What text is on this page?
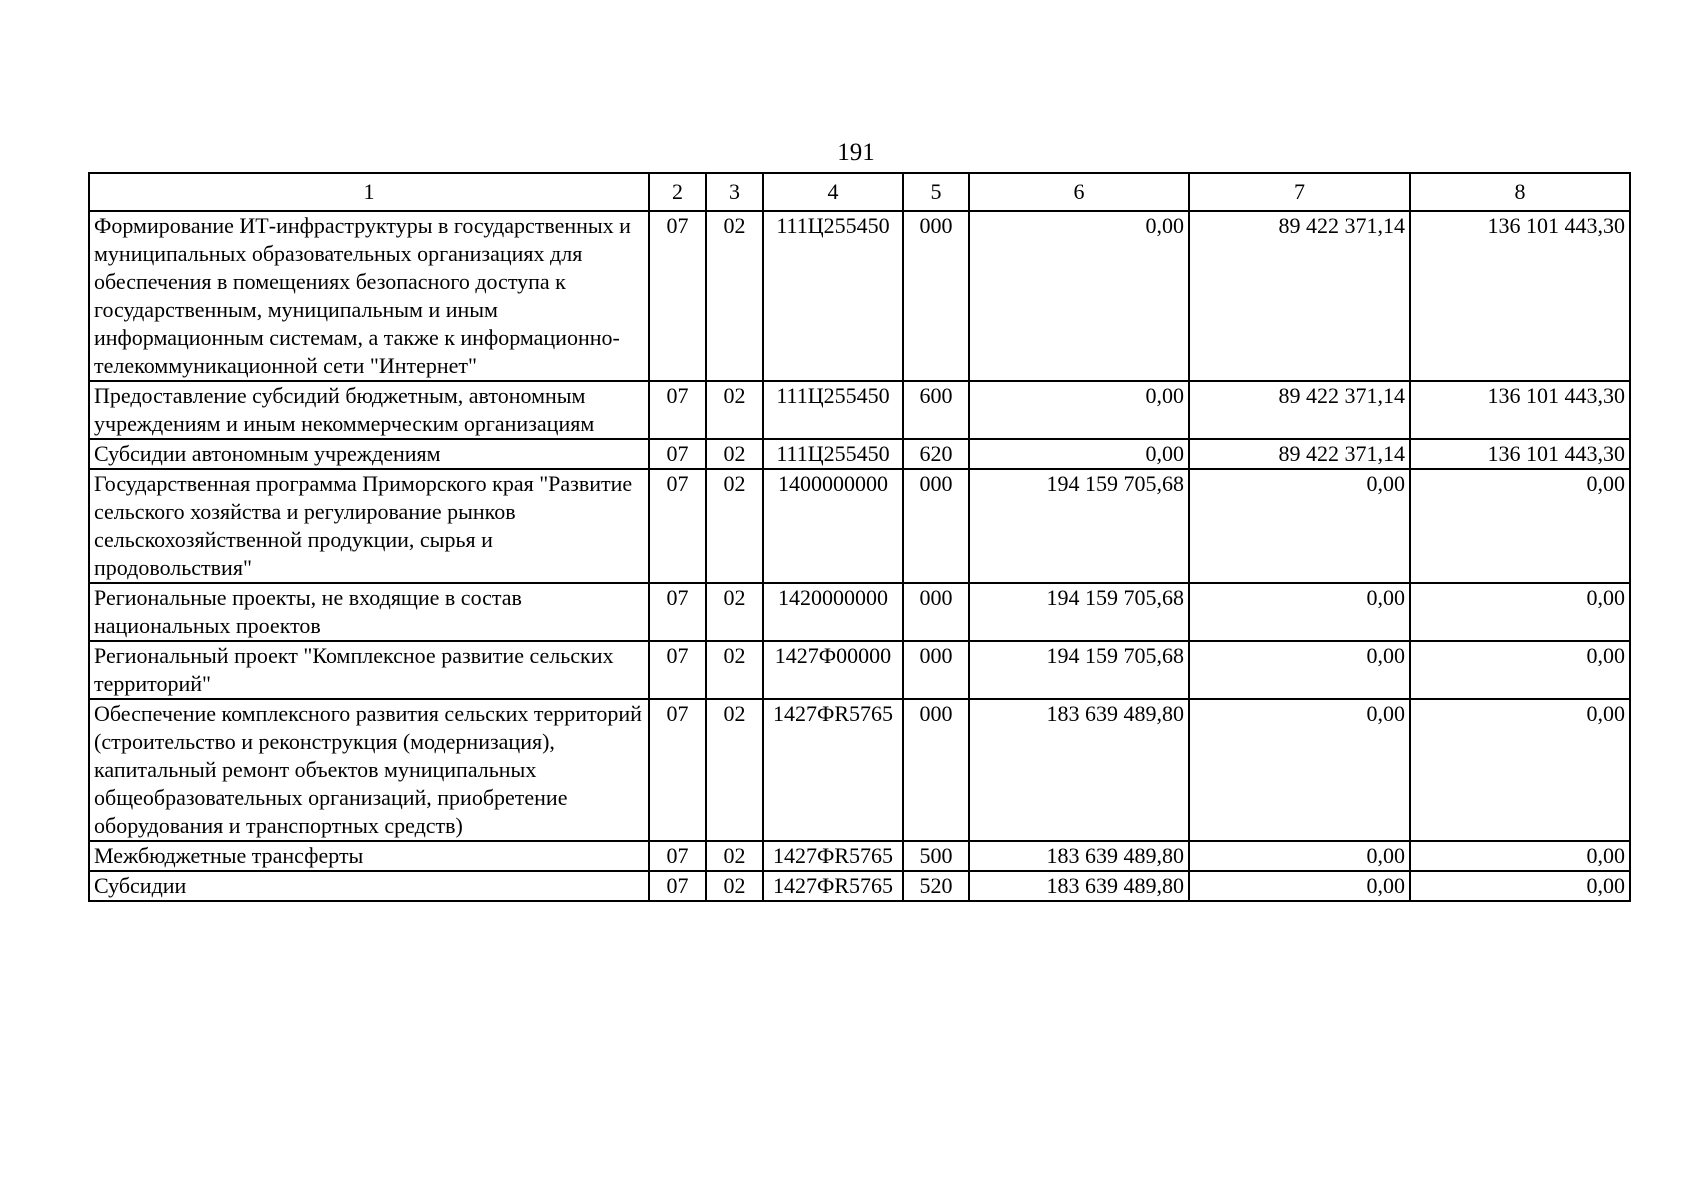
191
1	2	3	4	5	6	7	8
Формирование ИТ-инфраструктуры в государственных и муниципальных образовательных организациях для обеспечения в помещениях безопасного доступа к государственным, муниципальным и иным информационным системам, а также к информационно-телекоммуникационной сети "Интернет"	07	02	111Ц255450	000	0,00	89 422 371,14	136 101 443,30
Предоставление субсидий бюджетным, автономным учреждениям и иным некоммерческим организациям	07	02	111Ц255450	600	0,00	89 422 371,14	136 101 443,30
Субсидии автономным учреждениям	07	02	111Ц255450	620	0,00	89 422 371,14	136 101 443,30
Государственная программа Приморского края "Развитие сельского хозяйства и регулирование рынков сельскохозяйственной продукции, сырья и продовольствия"	07	02	1400000000	000	194 159 705,68	0,00	0,00
Региональные проекты, не входящие в состав национальных проектов	07	02	1420000000	000	194 159 705,68	0,00	0,00
Региональный проект "Комплексное развитие сельских территорий"	07	02	1427Ф00000	000	194 159 705,68	0,00	0,00
Обеспечение комплексного развития сельских территорий (строительство и реконструкция (модернизация), капитальный ремонт объектов муниципальных общеобразовательных организаций, приобретение оборудования и транспортных средств)	07	02	1427ФR5765	000	183 639 489,80	0,00	0,00
Межбюджетные трансферты	07	02	1427ФR5765	500	183 639 489,80	0,00	0,00
Субсидии	07	02	1427ФR5765	520	183 639 489,80	0,00	0,00
